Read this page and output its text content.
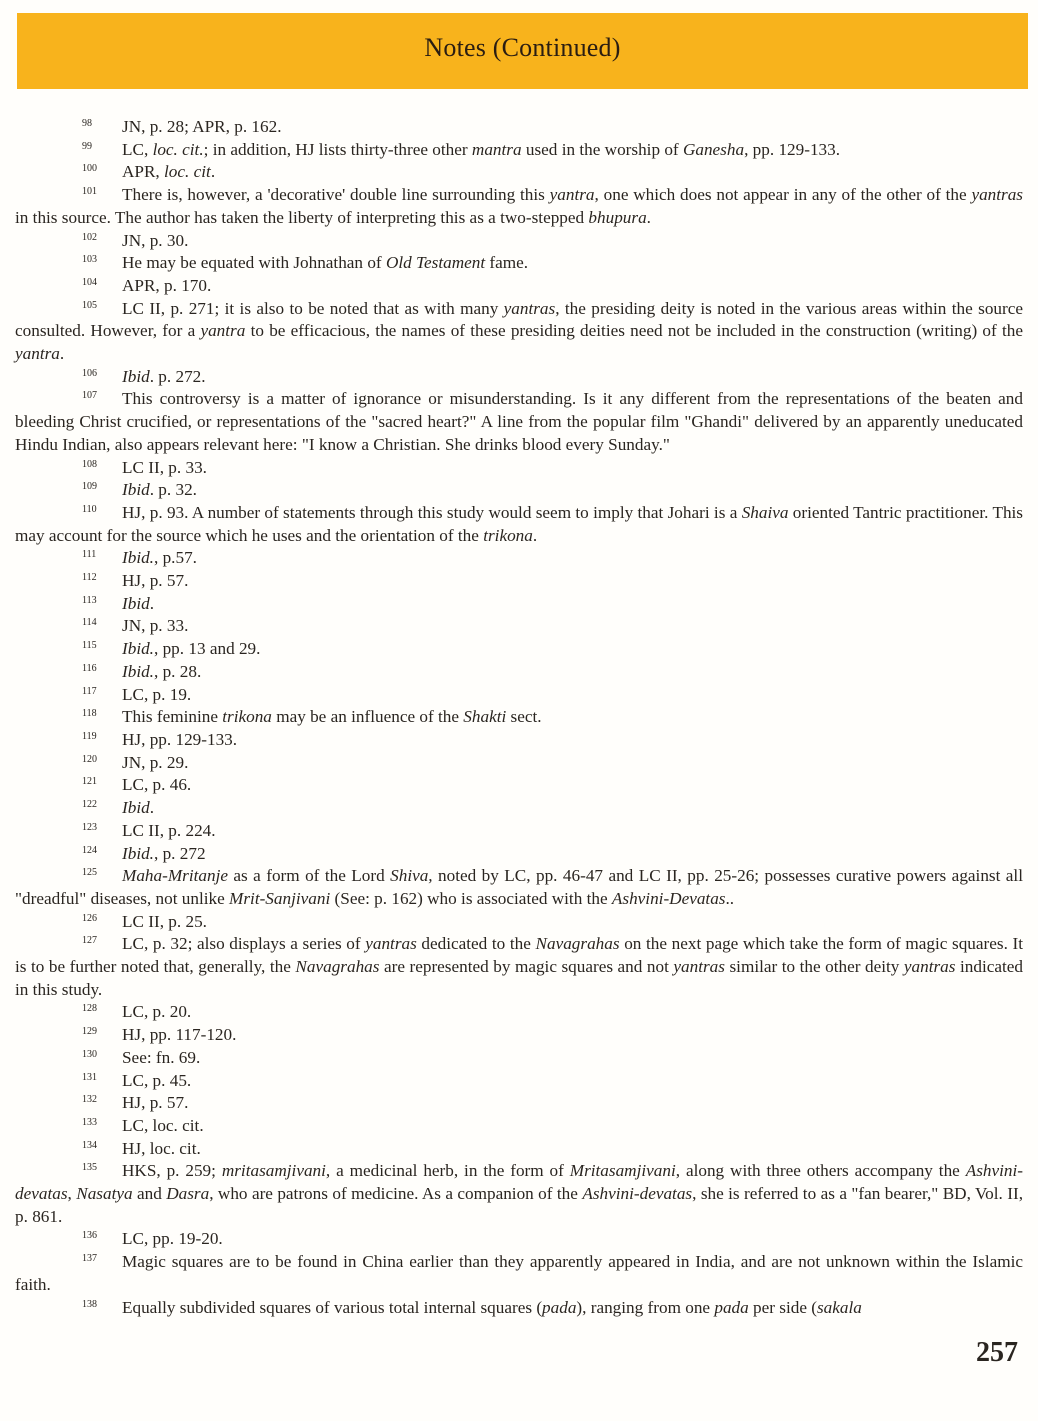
Notes (Continued)

98 JN, p. 28; APR, p. 162.

99 LC, loc. cit.; in addition, HJ lists thirty-three other mantra used in the worship of Ganesha, pp. 129-133.

100 APR, loc. cit.

101 There is, however, a 'decorative' double line surrounding this yantra, one which does not appear in any of the other of the yantras in this source. The author has taken the liberty of interpreting this as a two-stepped bhupura.

102 JN, p. 30.

103 He may be equated with Johnathan of Old Testament fame.

104 APR, p. 170.

105 LC II, p. 271; it is also to be noted that as with many yantras, the presiding deity is noted in the various areas within the source consulted. However, for a yantra to be efficacious, the names of these presiding deities need not be included in the construction (writing) of the yantra.

106 Ibid. p. 272.

107 This controversy is a matter of ignorance or misunderstanding. Is it any different from the representations of the beaten and bleeding Christ crucified, or representations of the "sacred heart?" A line from the popular film "Ghandi" delivered by an apparently uneducated Hindu Indian, also appears relevant here: "I know a Christian. She drinks blood every Sunday."

108 LC II, p. 33.

109 Ibid. p. 32.

110 HJ, p. 93. A number of statements through this study would seem to imply that Johari is a Shaiva oriented Tantric practitioner. This may account for the source which he uses and the orientation of the trikona.

111 Ibid., p.57.

112 HJ, p. 57.

113 Ibid.

114 JN, p. 33.

115 Ibid., pp. 13 and 29.

116 Ibid., p. 28.

117 LC, p. 19.

118 This feminine trikona may be an influence of the Shakti sect.

119 HJ, pp. 129-133.

120 JN, p. 29.

121 LC, p. 46.

122 Ibid.

123 LC II, p. 224.

124 Ibid., p. 272

125 Maha-Mritanje as a form of the Lord Shiva, noted by LC, pp. 46-47 and LC II, pp. 25-26; possesses curative powers against all "dreadful" diseases, not unlike Mrit-Sanjivani (See: p. 162) who is associated with the Ashvini-Devatas..

126 LC II, p. 25.

127 LC, p. 32; also displays a series of yantras dedicated to the Navagrahas on the next page which take the form of magic squares. It is to be further noted that, generally, the Navagrahas are represented by magic squares and not yantras similar to the other deity yantras indicated in this study.

128 LC, p. 20.

129 HJ, pp. 117-120.

130 See: fn. 69.

131 LC, p. 45.

132 HJ, p. 57.

133 LC, loc. cit.

134 HJ, loc. cit.

135 HKS, p. 259; mritasamjivani, a medicinal herb, in the form of Mritasamjivani, along with three others accompany the Ashvini-devatas, Nasatya and Dasra, who are patrons of medicine. As a companion of the Ashvini-devatas, she is referred to as a "fan bearer," BD, Vol. II, p. 861.

136 LC, pp. 19-20.

137 Magic squares are to be found in China earlier than they apparently appeared in India, and are not unknown within the Islamic faith.

138 Equally subdivided squares of various total internal squares (pada), ranging from one pada per side (sakala

257
